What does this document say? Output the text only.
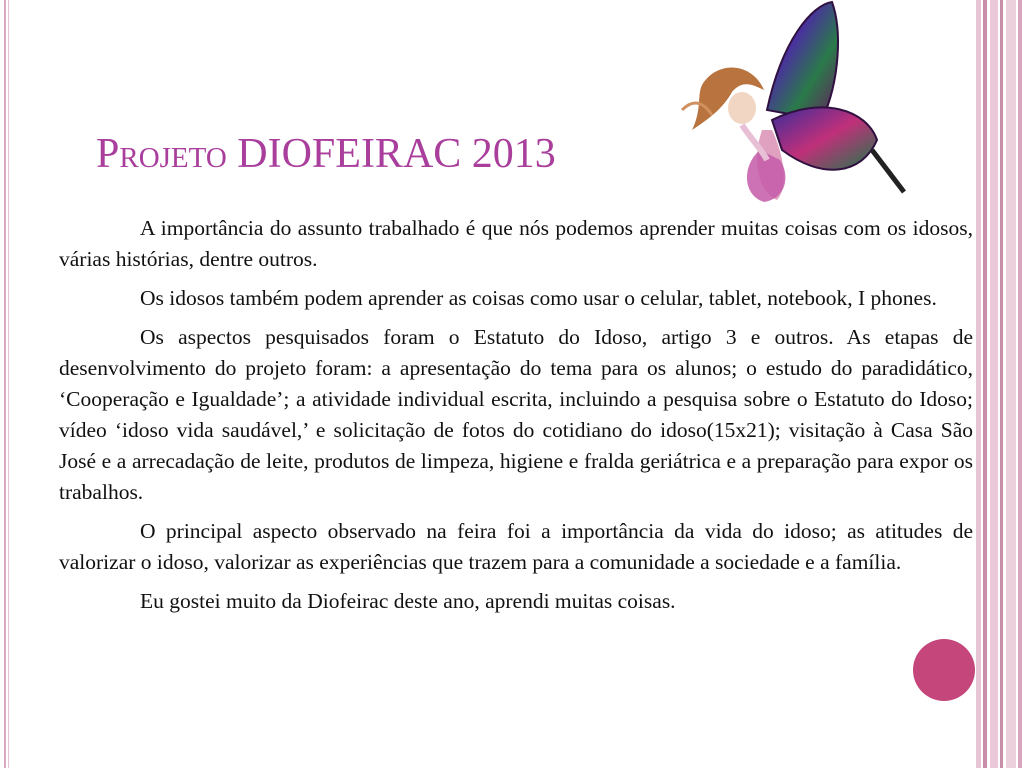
Projeto DIOFEIRAC 2013

A importância do assunto trabalhado é que nós podemos aprender muitas coisas com os idosos, várias histórias, dentre outros.

Os idosos também podem aprender as coisas como usar o celular, tablet, notebook, I phones.

Os aspectos pesquisados foram o Estatuto do Idoso, artigo 3 e outros. As etapas de desenvolvimento do projeto foram: a apresentação do tema para os alunos; o estudo do paradidático, ‘Cooperação e Igualdade’; a atividade individual escrita, incluindo a pesquisa sobre o Estatuto do Idoso; vídeo ‘idoso vida saudável,’ e solicitação de fotos do cotidiano do idoso(15x21); visitação à Casa São José e a arrecadação de leite, produtos de limpeza, higiene e fralda geriátrica e a preparação para expor os trabalhos.

O principal aspecto observado na feira foi a importância da vida do idoso; as atitudes de valorizar o idoso, valorizar as experiências que trazem para a comunidade a sociedade e a família.

Eu gostei muito da Diofeirac deste ano, aprendi muitas coisas.
